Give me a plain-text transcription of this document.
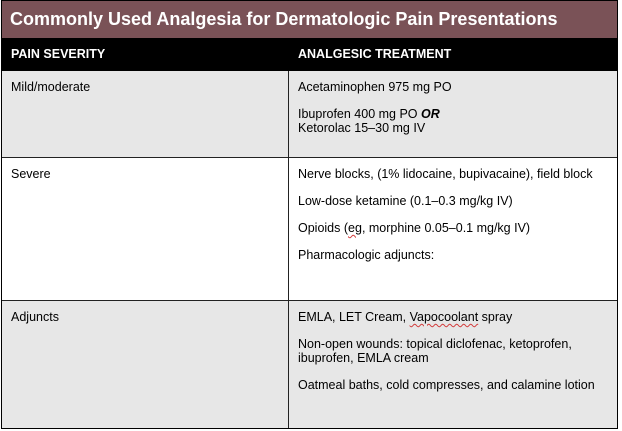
Commonly Used Analgesia for Dermatologic Pain Presentations
PAIN SEVERITY	ANALGESIC TREATMENT
Mild/moderate	Acetaminophen 975 mg PO
Ibuprofen 400 mg PO OR
Ketorolac 15–30 mg IV
Severe	Nerve blocks, (1% lidocaine, bupivacaine), field block
Low-dose ketamine (0.1–0.3 mg/kg IV)
Opioids (eg, morphine 0.05–0.1 mg/kg IV)
Pharmacologic adjuncts:
Adjuncts	EMLA, LET Cream, Vapocoolant spray
Non-open wounds: topical diclofenac, ketoprofen, ibuprofen, EMLA cream
Oatmeal baths, cold compresses, and calamine lotion
